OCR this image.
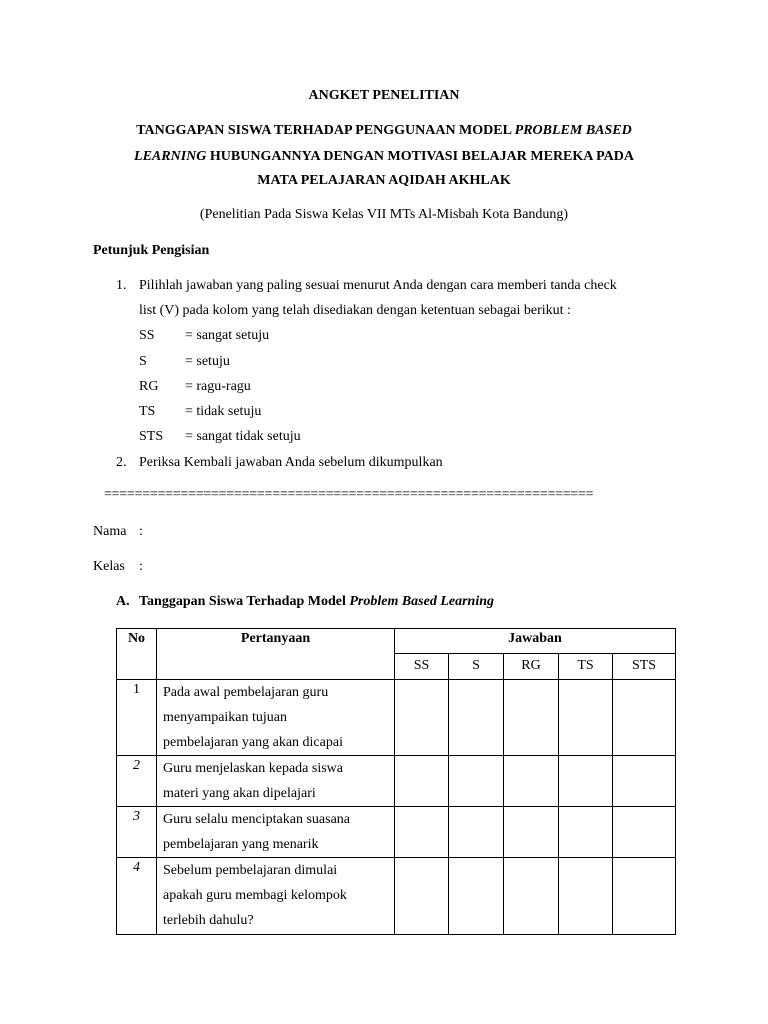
ANGKET PENELITIAN
TANGGAPAN SISWA TERHADAP PENGGUNAAN MODEL PROBLEM BASED
LEARNING HUBUNGANNYA DENGAN MOTIVASI BELAJAR MEREKA PADA
MATA PELAJARAN AQIDAH AKHLAK
(Penelitian Pada Siswa Kelas VII MTs Al-Misbah Kota Bandung)
Petunjuk Pengisian
1. Pilihlah jawaban yang paling sesuai menurut Anda dengan cara memberi tanda check
list (V) pada kolom yang telah disediakan dengan ketentuan sebagai berikut :
SS = sangat setuju
S	= setuju
RG = ragu-ragu
TS = tidak setuju
STS = sangat tidak setuju
2. Periksa Kembali jawaban Anda sebelum dikumpulkan
================================================================
Nama :
Kelas :
A. Tanggapan Siswa Terhadap Model Problem Based Learning
No	Pertanyaan	Jawaban				
		SS	S	RG	TS	STS
1	Pada awal pembelajaran guru
menyampaikan tujuan
pembelajaran yang akan dicapai					

2	Guru menjelaskan kepada siswa
materi yang akan dipelajari					

3	Guru selalu menciptakan suasana
pembelajaran yang menarik					

4	Sebelum pembelajaran dimulai
apakah guru membagi kelompok
terlebih dahulu?					
